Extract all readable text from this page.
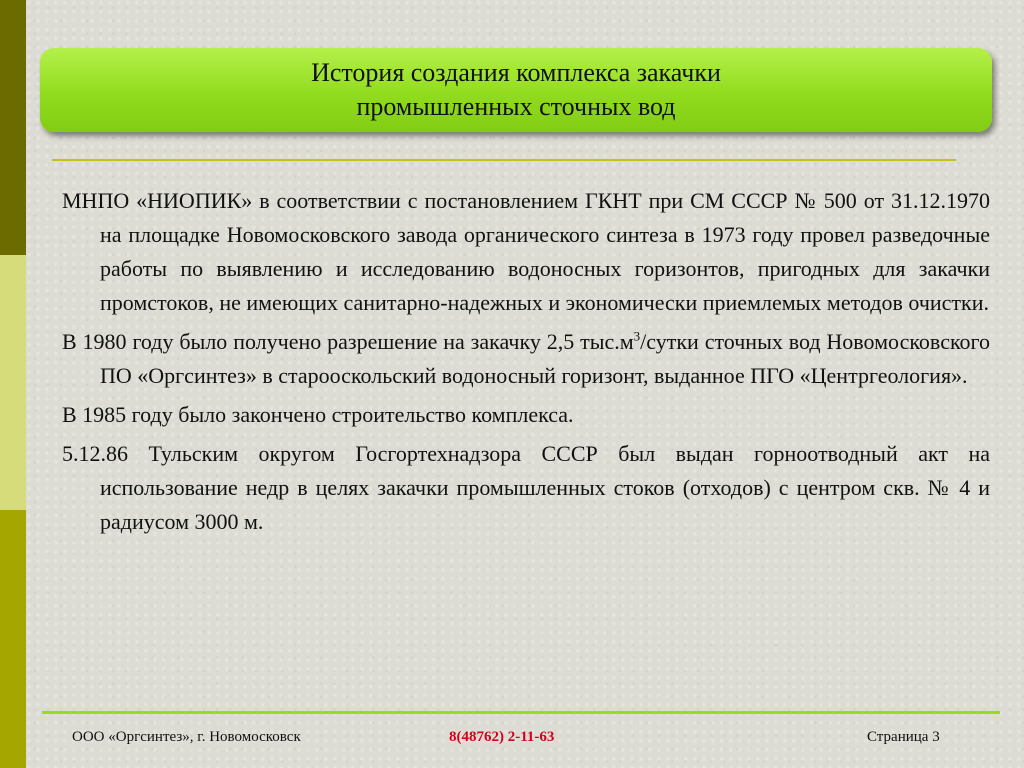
История создания комплекса закачки
промышленных сточных вод

МНПО «НИОПИК» в соответствии с постановлением ГКНТ при СМ СССР № 500 от 31.12.1970 на площадке Новомосковского завода органического синтеза в 1973 году провел разведочные работы по выявлению и исследованию водоносных горизонтов, пригодных для закачки промстоков, не имеющих санитарно-надежных и экономически приемлемых методов очистки.

В 1980 году было получено разрешение на закачку 2,5 $тыс.м^3$/сутки сточных вод Новомосковского ПО «Оргсинтез» в старооскольский водоносный горизонт, выданное ПГО «Центргеология».

В 1985 году было закончено строительство комплекса.

5.12.86 Тульским округом Госгортехнадзора СССР был выдан горноотводный акт на использование недр в целях закачки промышленных стоков (отходов) с центром скв. № 4 и радиусом 3000 м.

ООО «Оргсинтез», г. Новомосковск	8(48762) 2-11-63	Страница 3
